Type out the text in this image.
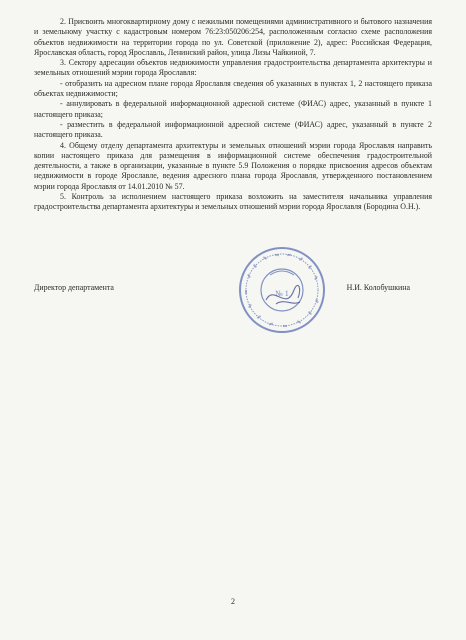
2. Присвоить многоквартирному дому с нежилыми помещениями административного и бытового назначения и земельному участку с кадастровым номером 76:23:050206:254, расположенным согласно схеме расположения объектов недвижимости на территории города по ул. Советской (приложение 2), адрес: Российская Федерация, Ярославская область, город Ярославль, Ленинский район, улица Лизы Чайкиной, 7.

3. Сектору адресации объектов недвижимости управления градостроительства департамента архитектуры и земельных отношений мэрии города Ярославля:

- отобразить на адресном плане города Ярославля сведения об указанных в пунктах 1, 2 настоящего приказа объектах недвижимости;

- аннулировать в федеральной информационной адресной системе (ФИАС) адрес, указанный в пункте 1 настоящего приказа;

- разместить в федеральной информационной адресной системе (ФИАС) адрес, указанный в пункте 2 настоящего приказа.

4. Общему отделу департамента архитектуры и земельных отношений мэрии города Ярославля направить копии настоящего приказа для размещения в информационной системе обеспечения градостроительной деятельности, а также в организации, указанные в пункте 5.9 Положения о порядке присвоения адресов объектам недвижимости в городе Ярославле, ведения адресного плана города Ярославля, утвержденного постановлением мэрии города Ярославля от 14.01.2010 № 57.

5. Контроль за исполнением настоящего приказа возложить на заместителя начальника управления градостроительства департамента архитектуры и земельных отношений мэрии города Ярославля (Бородина О.Н.).

№ 1
Директор департамента	Н.И. Колобушкина
2
